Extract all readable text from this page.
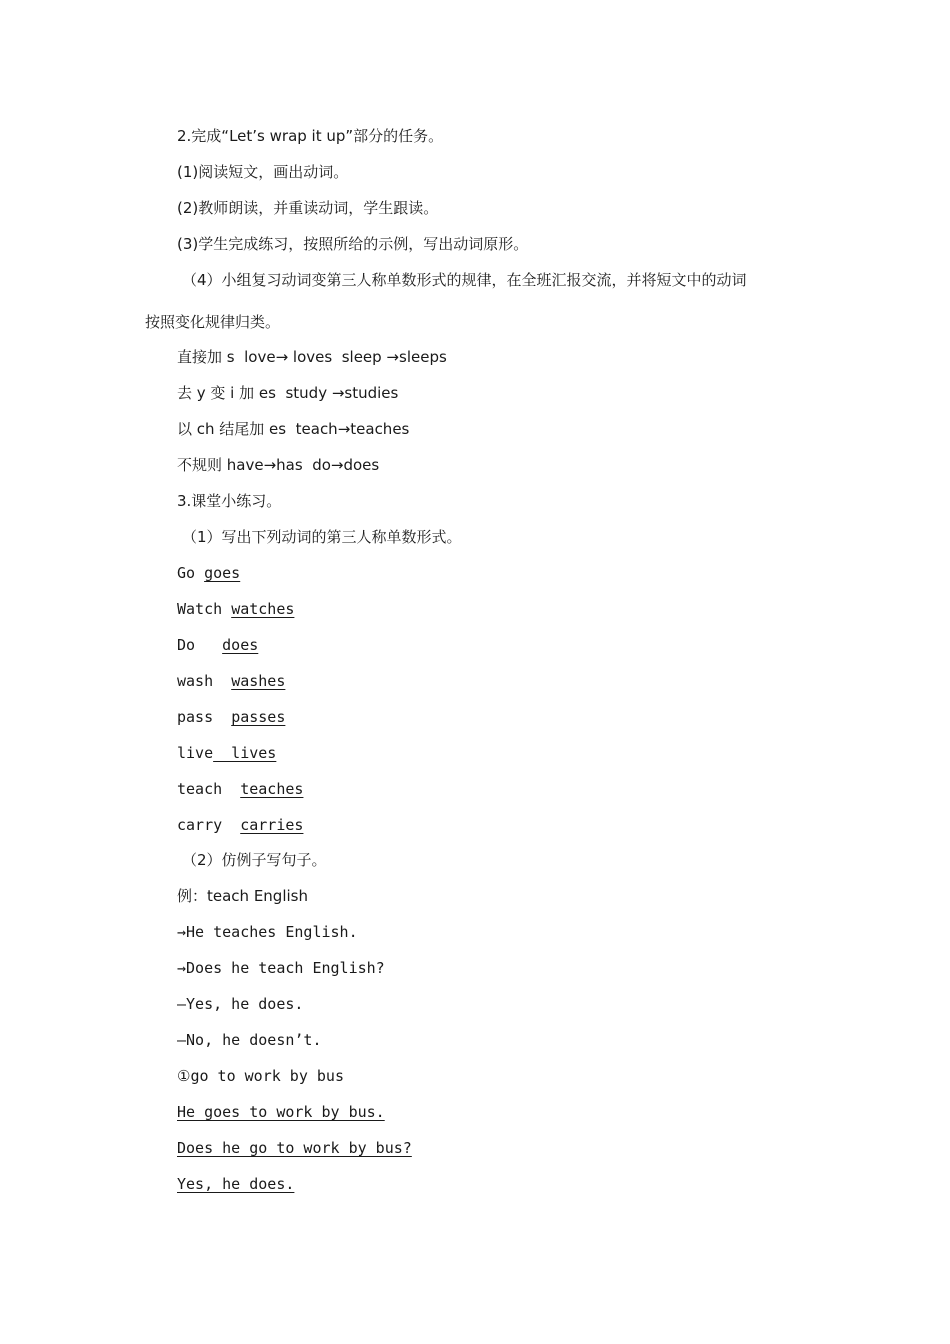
2.完成“Let’s wrap it up”部分的任务。
(1)阅读短文，画出动词。
(2)教师朗读，并重读动词，学生跟读。
(3)学生完成练习，按照所给的示例，写出动词原形。
（4）小组复习动词变第三人称单数形式的规律，在全班汇报交流，并将短文中的动词
按照变化规律归类。
直接加 s  love→ loves  sleep →sleeps
去 y 变 i 加 es  study →studies
以 ch 结尾加 es  teach→teaches
不规则 have→has  do→does
3.课堂小练习。
（1）写出下列动词的第三人称单数形式。
Go goes
Watch watches
Do   does
wash  washes
pass  passes
live  lives
teach  teaches
carry  carries
（2）仿例子写句子。
例：teach English
→He teaches English.
→Does he teach English?
—Yes, he does.
—No, he doesn’t.
①go to work by bus
He goes to work by bus.
Does he go to work by bus?
Yes, he does.
